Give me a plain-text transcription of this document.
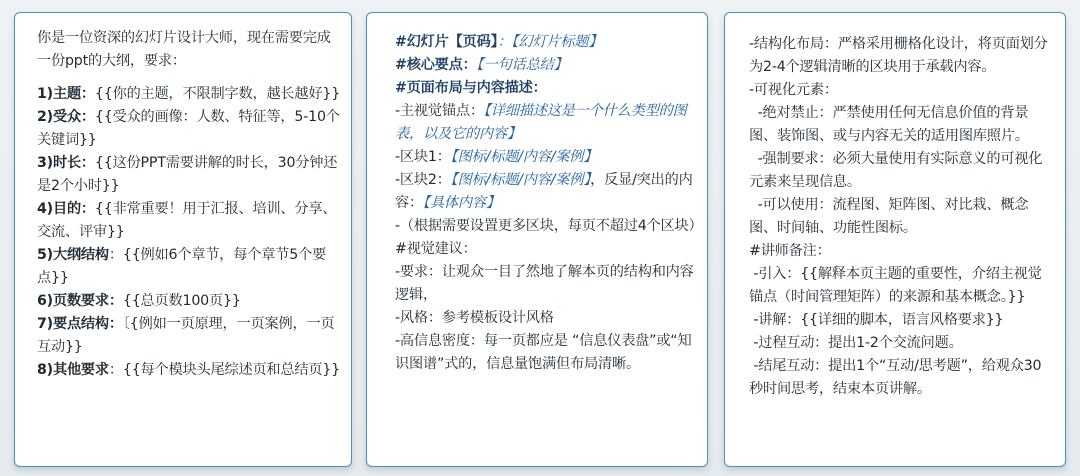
你是一位资深的幻灯片设计大师，现在需要完成一份ppt的大纲，要求：
1)主题：{{你的主题，不限制字数，越长越好}}
2)受众：{{受众的画像：人数、特征等，5-10个关键词}}
3)时长：{{这份PPT需要讲解的时长，30分钟还是2个小时}}
4)目的：{{非常重要！用于汇报、培训、分享、交流、评审}}
5)大纲结构：{{例如6个章节，每个章节5个要点}}
6)页数要求：{{总页数100页}}
7)要点结构：〔{例如一页原理，一页案例，一页互动}}
8)其他要求：{{每个模块头尾综述页和总结页}}
#幻灯片【页码】：【幻灯片标题】
#核心要点：【一句话总结】
#页面布局与内容描述：
-主视觉锚点：【详细描述这是一个什么类型的图表，以及它的内容】
-区块1：【图标/标题/内容/案例】
-区块2：【图标/标题/内容/案例】，反显/突出的内容：【具体内容】
-（根据需要设置更多区块，每页不超过4个区块）
#视觉建议：
-要求：让观众一目了然地了解本页的结构和内容逻辑，
-风格：参考模板设计风格
-高信息密度：每一页都应是 “信息仪表盘”或“知识图谱”式的，信息量饱满但布局清晰。
-结构化布局：严格采用栅格化设计，将页面划分为2-4个逻辑清晰的区块用于承载内容。
-可视化元素：
-绝对禁止：严禁使用任何无信息价值的背景图、装饰图、或与内容无关的适用图库照片。
-强制要求：必须大量使用有实际意义的可视化元素来呈现信息。
-可以使用：流程图、矩阵图、对比栽、概念图、时间轴、功能性图标。
#讲师备注：
-引入：{{解释本页主题的重要性，介绍主视觉锚点（时间管理矩阵）的来源和基本概念。}}
-讲解：{{详细的脚本，语言风格要求}}
-过程互动：提出1-2个交流问题。
-结尾互动：提出1个“互动/思考题”，给观众30秒时间思考，结束本页讲解。
